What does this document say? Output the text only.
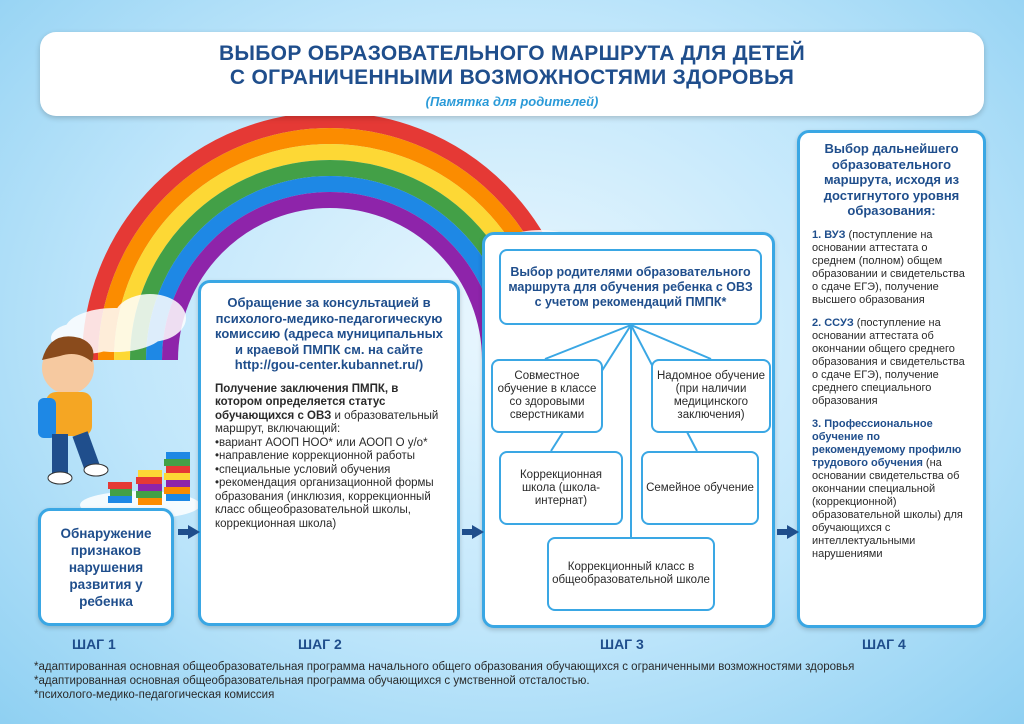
ВЫБОР ОБРАЗОВАТЕЛЬНОГО МАРШРУТА ДЛЯ ДЕТЕЙ
С ОГРАНИЧЕННЫМИ ВОЗМОЖНОСТЯМИ ЗДОРОВЬЯ
(Памятка для родителей)
Обнаружение признаков нарушения развития у ребенка
ШАГ 1
Обращение за консультацией в психолого-медико-педагогическую комиссию (адреса муниципальных и краевой ПМПК см. на сайте http://gou-center.kubannet.ru/)
Получение заключения ПМПК, в котором определяется статус обучающихся с ОВЗ и образовательный маршрут, включающий:
•вариант АООП НОО* или АООП О у/о*
•направление коррекционной работы
•специальные условий обучения
•рекомендация организационной формы образования (инклюзия, коррекционный класс общеобразовательной школы, коррекционная школа)
ШАГ 2
Выбор родителями образовательного маршрута для обучения ребенка с ОВЗ с учетом рекомендаций ПМПК*
Совместное обучение в классе со здоровыми сверстниками
Надомное обучение (при наличии медицинского заключения)
Коррекционная школа (школа-интернат)
Семейное обучение
Коррекционный класс в общеобразовательной школе
ШАГ 3
Выбор дальнейшего образовательного маршрута, исходя из достигнутого уровня образования:
1. ВУЗ (поступление на основании аттестата о среднем (полном) общем образовании и свидетельства о сдаче ЕГЭ), получение высшего образования
2. ССУЗ (поступление на основании аттестата об окончании общего среднего образования и свидетельства о сдаче ЕГЭ), получение среднего специального образования
3. Профессиональное обучение по рекомендуемому профилю трудового обучения (на основании свидетельства об окончании специальной (коррекционной) образовательной школы) для обучающихся с интеллектуальными нарушениями
ШАГ 4
*адаптированная основная общеобразовательная программа начального общего образования обучающихся с ограниченными возможностями здоровья
*адаптированная основная общеобразовательная программа обучающихся с умственной отсталостью.
*психолого-медико-педагогическая комиссия
